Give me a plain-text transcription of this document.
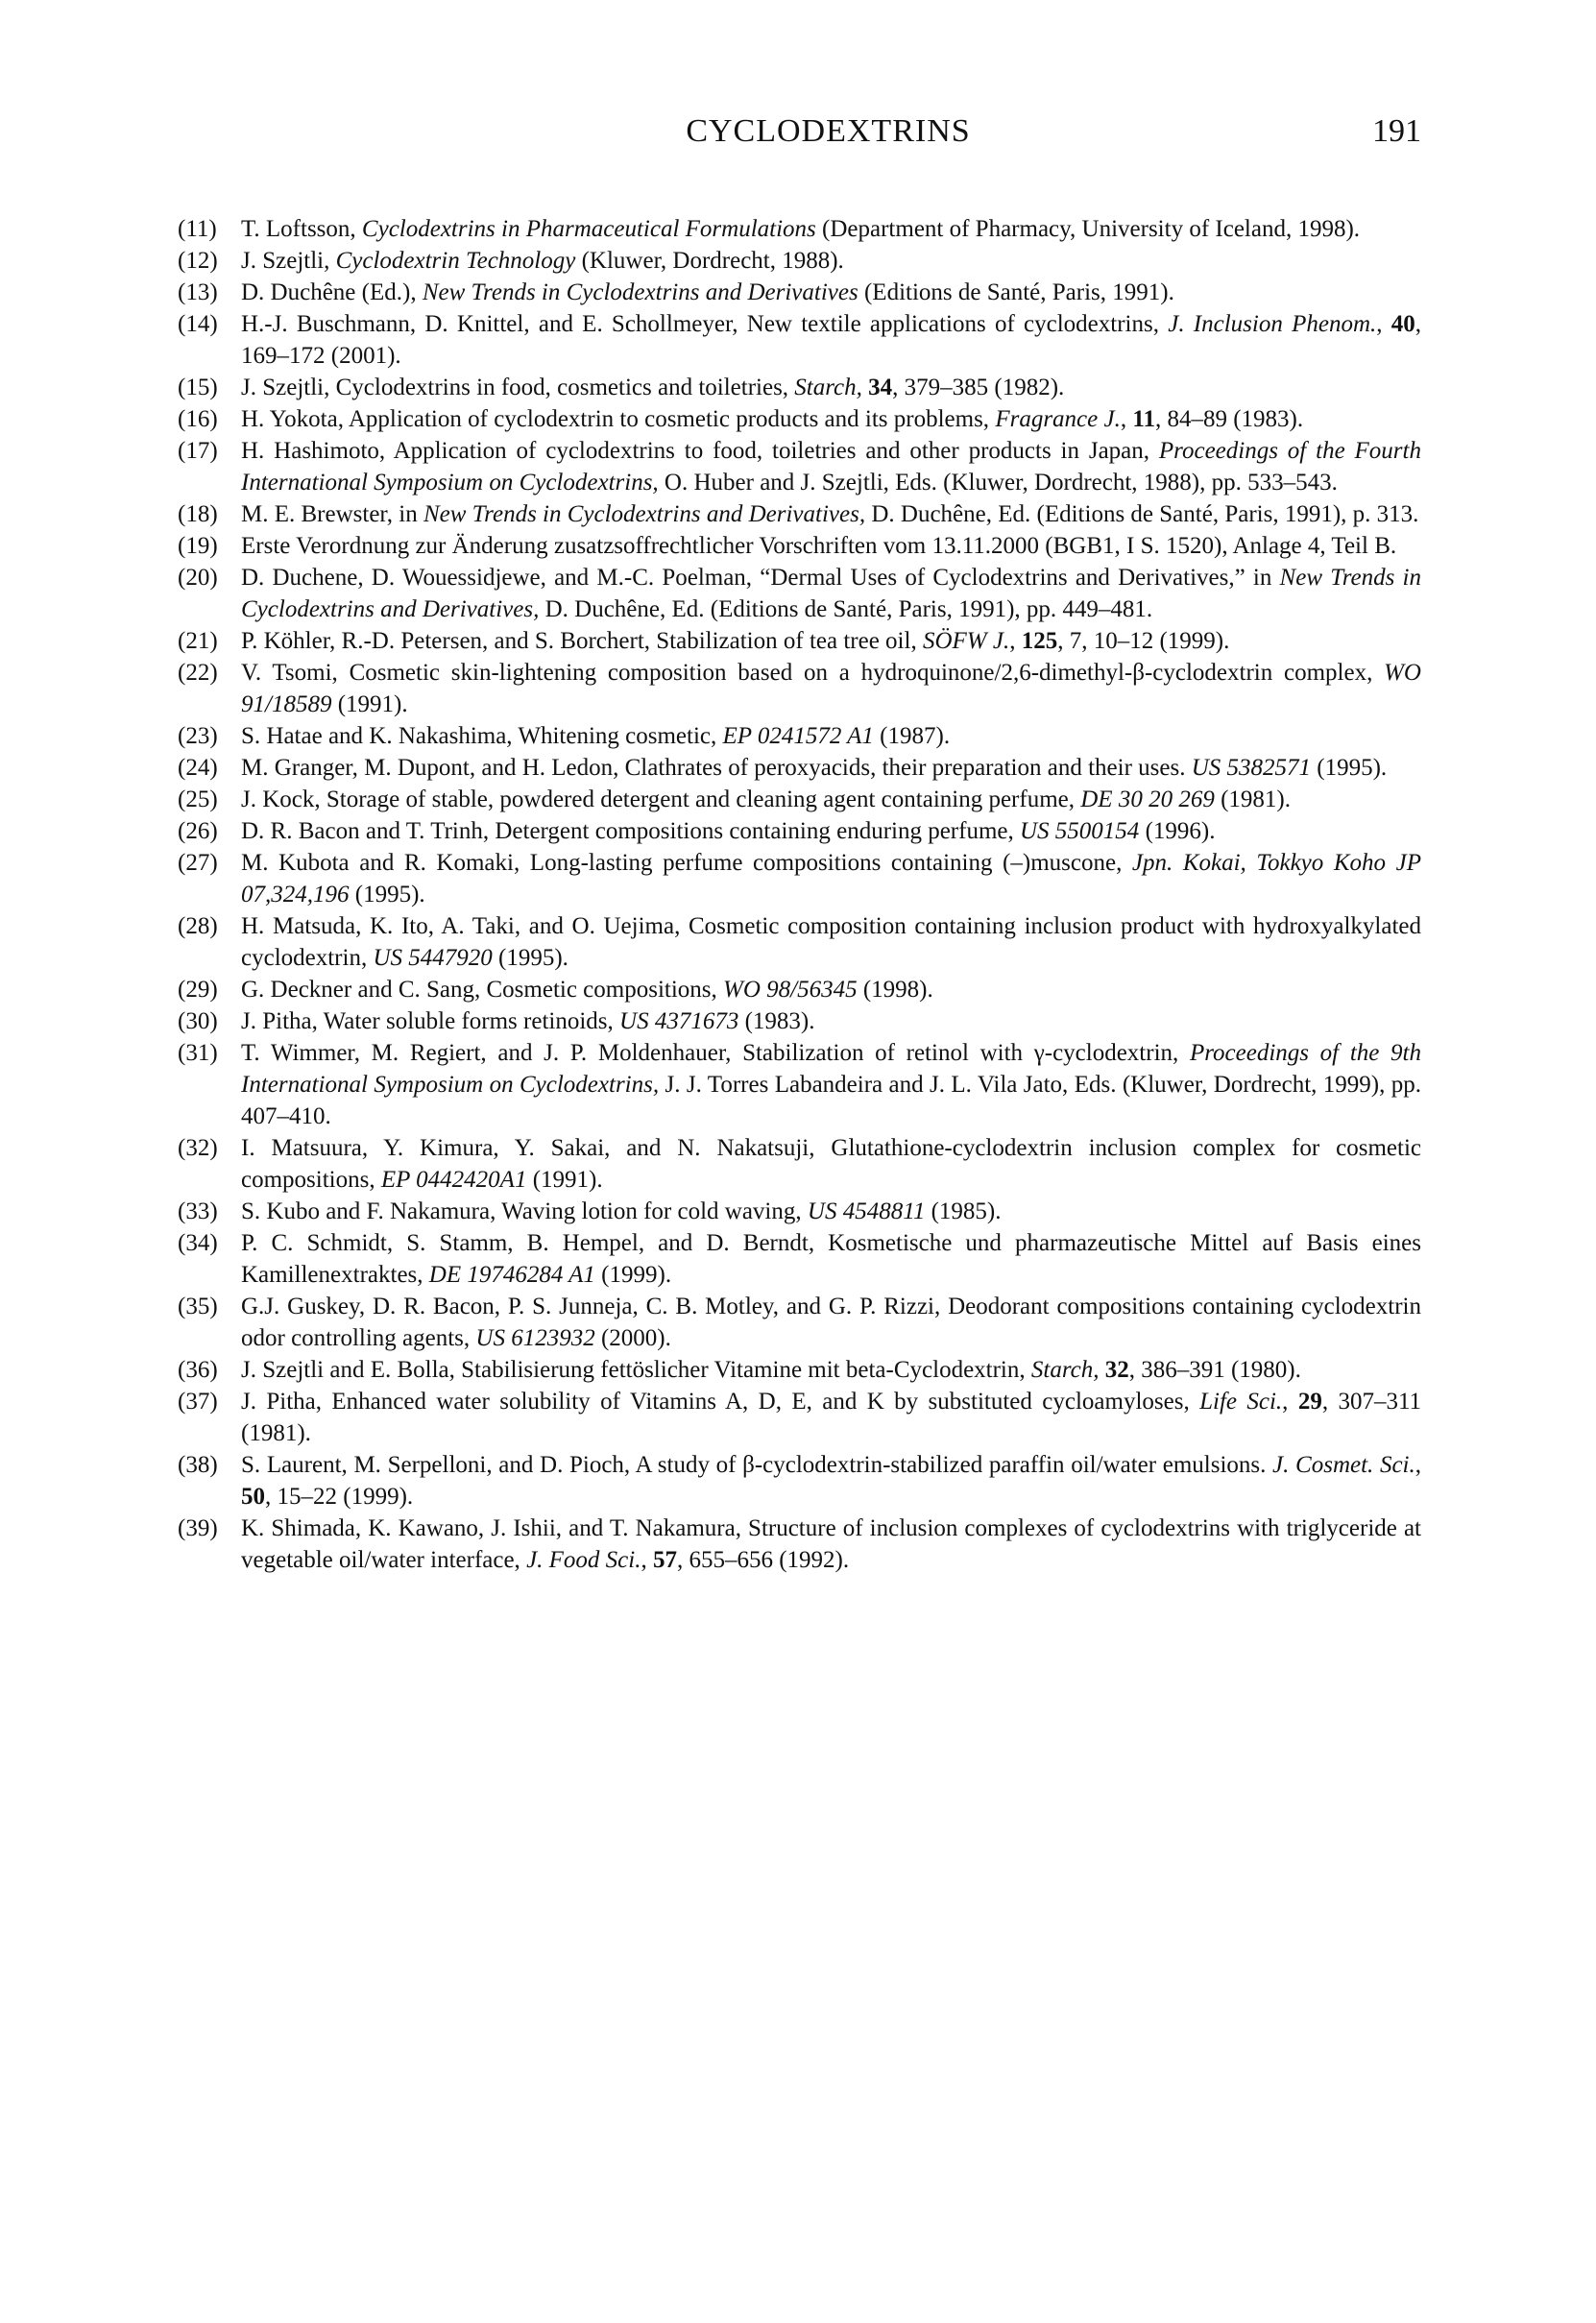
CYCLODEXTRINS	191
(11)	T. Loftsson, Cyclodextrins in Pharmaceutical Formulations (Department of Pharmacy, University of Iceland, 1998).
(12) J. Szejtli, Cyclodextrin Technology (Kluwer, Dordrecht, 1988).
(13) D. Duchêne (Ed.), New Trends in Cyclodextrins and Derivatives (Editions de Santé, Paris, 1991).
(14) H.-J. Buschmann, D. Knittel, and E. Schollmeyer, New textile applications of cyclodextrins, J. Inclusion Phenom., 40, 169–172 (2001).
(15) J. Szejtli, Cyclodextrins in food, cosmetics and toiletries, Starch, 34, 379–385 (1982).
(16) H. Yokota, Application of cyclodextrin to cosmetic products and its problems, Fragrance J., 11, 84–89 (1983).
(17) H. Hashimoto, Application of cyclodextrins to food, toiletries and other products in Japan, Proceedings of the Fourth International Symposium on Cyclodextrins, O. Huber and J. Szejtli, Eds. (Kluwer, Dordrecht, 1988), pp. 533–543.
(18) M. E. Brewster, in New Trends in Cyclodextrins and Derivatives, D. Duchêne, Ed. (Editions de Santé, Paris, 1991), p. 313.
(19) Erste Verordnung zur Änderung zusatzsoffrechtlicher Vorschriften vom 13.11.2000 (BGB1, I S. 1520), Anlage 4, Teil B.
(20) D. Duchene, D. Wouessidjewe, and M.-C. Poelman, “Dermal Uses of Cyclodextrins and Derivatives,” in New Trends in Cyclodextrins and Derivatives, D. Duchêne, Ed. (Editions de Santé, Paris, 1991), pp. 449–481.
(21) P. Köhler, R.-D. Petersen, and S. Borchert, Stabilization of tea tree oil, SÖFW J., 125, 7, 10–12 (1999).
(22) V. Tsomi, Cosmetic skin-lightening composition based on a hydroquinone/2,6-dimethyl-β-cyclodextrin complex, WO 91/18589 (1991).
(23) S. Hatae and K. Nakashima, Whitening cosmetic, EP 0241572 A1 (1987).
(24) M. Granger, M. Dupont, and H. Ledon, Clathrates of peroxyacids, their preparation and their uses. US 5382571 (1995).
(25) J. Kock, Storage of stable, powdered detergent and cleaning agent containing perfume, DE 30 20 269 (1981).
(26) D. R. Bacon and T. Trinh, Detergent compositions containing enduring perfume, US 5500154 (1996).
(27) M. Kubota and R. Komaki, Long-lasting perfume compositions containing (–)muscone, Jpn. Kokai, Tokkyo Koho JP 07,324,196 (1995).
(28) H. Matsuda, K. Ito, A. Taki, and O. Uejima, Cosmetic composition containing inclusion product with hydroxyalkylated cyclodextrin, US 5447920 (1995).
(29) G. Deckner and C. Sang, Cosmetic compositions, WO 98/56345 (1998).
(30) J. Pitha, Water soluble forms retinoids, US 4371673 (1983).
(31) T. Wimmer, M. Regiert, and J. P. Moldenhauer, Stabilization of retinol with γ-cyclodextrin, Proceedings of the 9th International Symposium on Cyclodextrins, J. J. Torres Labandeira and J. L. Vila Jato, Eds. (Kluwer, Dordrecht, 1999), pp. 407–410.
(32) I. Matsuura, Y. Kimura, Y. Sakai, and N. Nakatsuji, Glutathione-cyclodextrin inclusion complex for cosmetic compositions, EP 0442420A1 (1991).
(33) S. Kubo and F. Nakamura, Waving lotion for cold waving, US 4548811 (1985).
(34) P. C. Schmidt, S. Stamm, B. Hempel, and D. Berndt, Kosmetische und pharmazeutische Mittel auf Basis eines Kamillenextraktes, DE 19746284 A1 (1999).
(35) G.J. Guskey, D. R. Bacon, P. S. Junneja, C. B. Motley, and G. P. Rizzi, Deodorant compositions containing cyclodextrin odor controlling agents, US 6123932 (2000).
(36) J. Szejtli and E. Bolla, Stabilisierung fettöslicher Vitamine mit beta-Cyclodextrin, Starch, 32, 386–391 (1980).
(37) J. Pitha, Enhanced water solubility of Vitamins A, D, E, and K by substituted cycloamyloses, Life Sci., 29, 307–311 (1981).
(38) S. Laurent, M. Serpelloni, and D. Pioch, A study of β-cyclodextrin-stabilized paraffin oil/water emulsions. J. Cosmet. Sci., 50, 15–22 (1999).
(39) K. Shimada, K. Kawano, J. Ishii, and T. Nakamura, Structure of inclusion complexes of cyclodextrins with triglyceride at vegetable oil/water interface, J. Food Sci., 57, 655–656 (1992).
